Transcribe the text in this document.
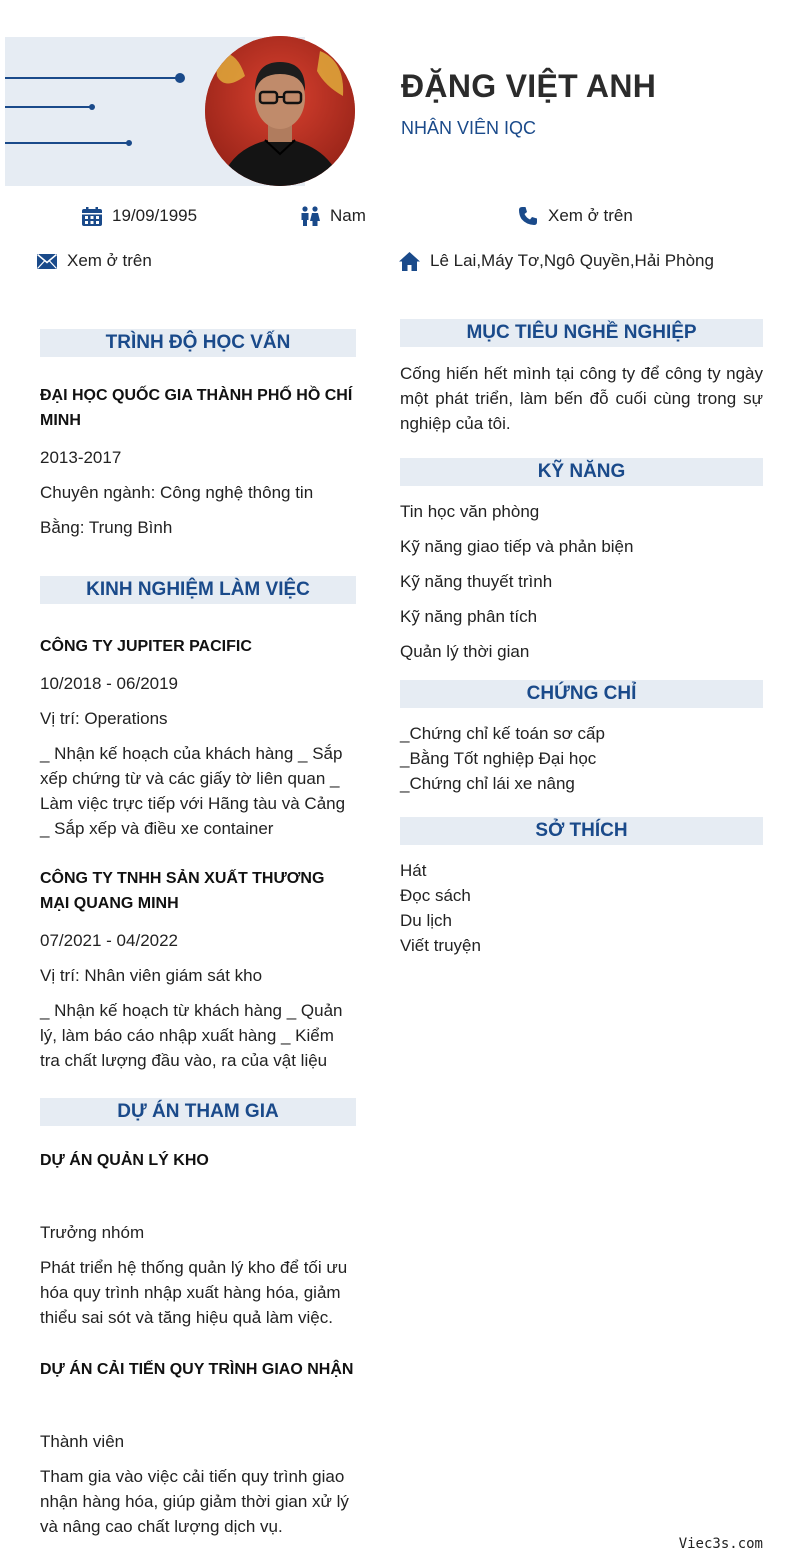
ĐẶNG VIỆT ANH
NHÂN VIÊN IQC
19/09/1995	Nam	Xem ở trên
Xem ở trên	Lê Lai,Máy Tơ,Ngô Quyền,Hải Phòng
TRÌNH ĐỘ HỌC VẤN
ĐẠI HỌC QUỐC GIA THÀNH PHỐ HỒ CHÍ MINH
2013-2017
Chuyên ngành: Công nghệ thông tin
Bằng: Trung Bình
KINH NGHIỆM LÀM VIỆC
CÔNG TY JUPITER PACIFIC
10/2018 - 06/2019
Vị trí: Operations
_ Nhận kế hoạch của khách hàng _ Sắp xếp chứng từ và các giấy tờ liên quan _ Làm việc trực tiếp với Hãng tàu và Cảng _ Sắp xếp và điều xe container
CÔNG TY TNHH SẢN XUẤT THƯƠNG MẠI QUANG MINH
07/2021 - 04/2022
Vị trí: Nhân viên giám sát kho
_ Nhận kế hoạch từ khách hàng _ Quản lý, làm báo cáo nhập xuất hàng _ Kiểm tra chất lượng đầu vào, ra của vật liệu
DỰ ÁN THAM GIA
DỰ ÁN QUẢN LÝ KHO
Trưởng nhóm
Phát triển hệ thống quản lý kho để tối ưu hóa quy trình nhập xuất hàng hóa, giảm thiểu sai sót và tăng hiệu quả làm việc.
DỰ ÁN CẢI TIẾN QUY TRÌNH GIAO NHẬN
Thành viên
Tham gia vào việc cải tiến quy trình giao nhận hàng hóa, giúp giảm thời gian xử lý và nâng cao chất lượng dịch vụ.
MỤC TIÊU NGHỀ NGHIỆP
Cống hiến hết mình tại công ty để công ty ngày một phát triển, làm bến đỗ cuối cùng trong sự nghiệp của tôi.
KỸ NĂNG
Tin học văn phòng
Kỹ năng giao tiếp và phản biện
Kỹ năng thuyết trình
Kỹ năng phân tích
Quản lý thời gian
CHỨNG CHỈ
_Chứng chỉ kế toán sơ cấp
_Bằng Tốt nghiệp Đại học
_Chứng chỉ lái xe nâng
SỞ THÍCH
Hát
Đọc sách
Du lịch
Viết truyện
Viec3s.com
